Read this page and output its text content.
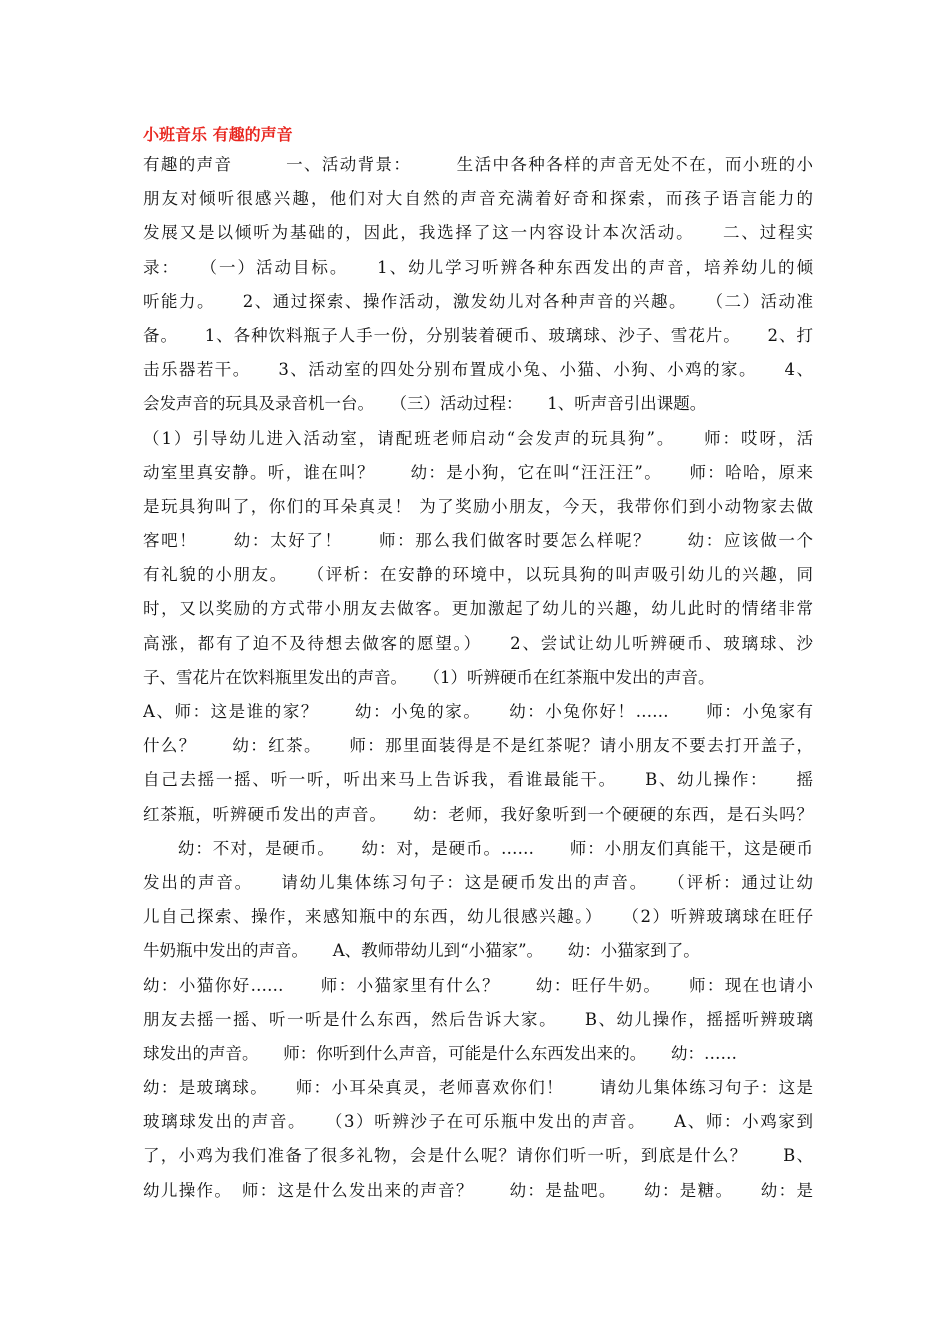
小班音乐 有趣的声音
有趣的声音　　　一、活动背景：　　　生活中各种各样的声音无处不在，而小班的小
朋友对倾听很感兴趣，他们对大自然的声音充满着好奇和探索，而孩子语言能力的
发展又是以倾听为基础的，因此，我选择了这一内容设计本次活动。　　二、过程实
录：　　（一）活动目标。　　1、幼儿学习听辨各种东西发出的声音，培养幼儿的倾
听能力。　　2、通过探索、操作活动，激发幼儿对各种声音的兴趣。　　（二）活动准
备。　　1、各种饮料瓶子人手一份，分别装着硬币、玻璃球、沙子、雪花片。　　2、打
击乐器若干。　　3、活动室的四处分别布置成小兔、小猫、小狗、小鸡的家。　　4、
会发声音的玩具及录音机一台。　　（三）活动过程：　　1、听声音引出课题。
（1）引导幼儿进入活动室，请配班老师启动“会发声的玩具狗”。　　师：哎呀，活
动室里真安静。听，谁在叫？　　幼：是小狗，它在叫“汪汪汪”。　　师：哈哈，原来
是玩具狗叫了，你们的耳朵真灵！ 为了奖励小朋友，今天，我带你们到小动物家去做
客吧！　　幼：太好了！　　师：那么我们做客时要怎么样呢？　　幼：应该做一个
有礼貌的小朋友。　　（评析：在安静的环境中，以玩具狗的叫声吸引幼儿的兴趣，同
时，又以奖励的方式带小朋友去做客。更加激起了幼儿的兴趣，幼儿此时的情绪非常
高涨，都有了迫不及待想去做客的愿望。）　　2、尝试让幼儿听辨硬币、玻璃球、沙
子、雪花片在饮料瓶里发出的声音。　　（1）听辨硬币在红茶瓶中发出的声音。
A、师：这是谁的家？　　幼：小兔的家。　　幼：小兔你好！……　　师：小兔家有
什么？　　幼：红茶。　　师：那里面装得是不是红茶呢？请小朋友不要去打开盖子，
自己去摇一摇、听一听，听出来马上告诉我，看谁最能干。　　B、幼儿操作：　　摇
红茶瓶，听辨硬币发出的声音。　　幼：老师，我好象听到一个硬硬的东西，是石头吗？
　　幼：不对，是硬币。　　幼：对，是硬币。……　　师：小朋友们真能干，这是硬币
发出的声音。　　请幼儿集体练习句子：这是硬币发出的声音。　　（评析：通过让幼
儿自己探索、操作，来感知瓶中的东西，幼儿很感兴趣。）　　（2）听辨玻璃球在旺仔
牛奶瓶中发出的声音。　　A、教师带幼儿到“小猫家”。　　幼：小猫家到了。
幼：小猫你好……　　师：小猫家里有什么？　　幼：旺仔牛奶。　　师：现在也请小
朋友去摇一摇、听一听是什么东西，然后告诉大家。　　B、幼儿操作，摇摇听辨玻璃
球发出的声音。　　师：你听到什么声音，可能是什么东西发出来的。　　幼：……
幼：是玻璃球。　　师：小耳朵真灵，老师喜欢你们！　　请幼儿集体练习句子：这是
玻璃球发出的声音。　　（3）听辨沙子在可乐瓶中发出的声音。　　A、师：小鸡家到
了，小鸡为我们准备了很多礼物，会是什么呢？请你们听一听，到底是什么？　　B、
幼儿操作。　师：这是什么发出来的声音？　　幼：是盐吧。　　幼：是糖。　　幼：是
